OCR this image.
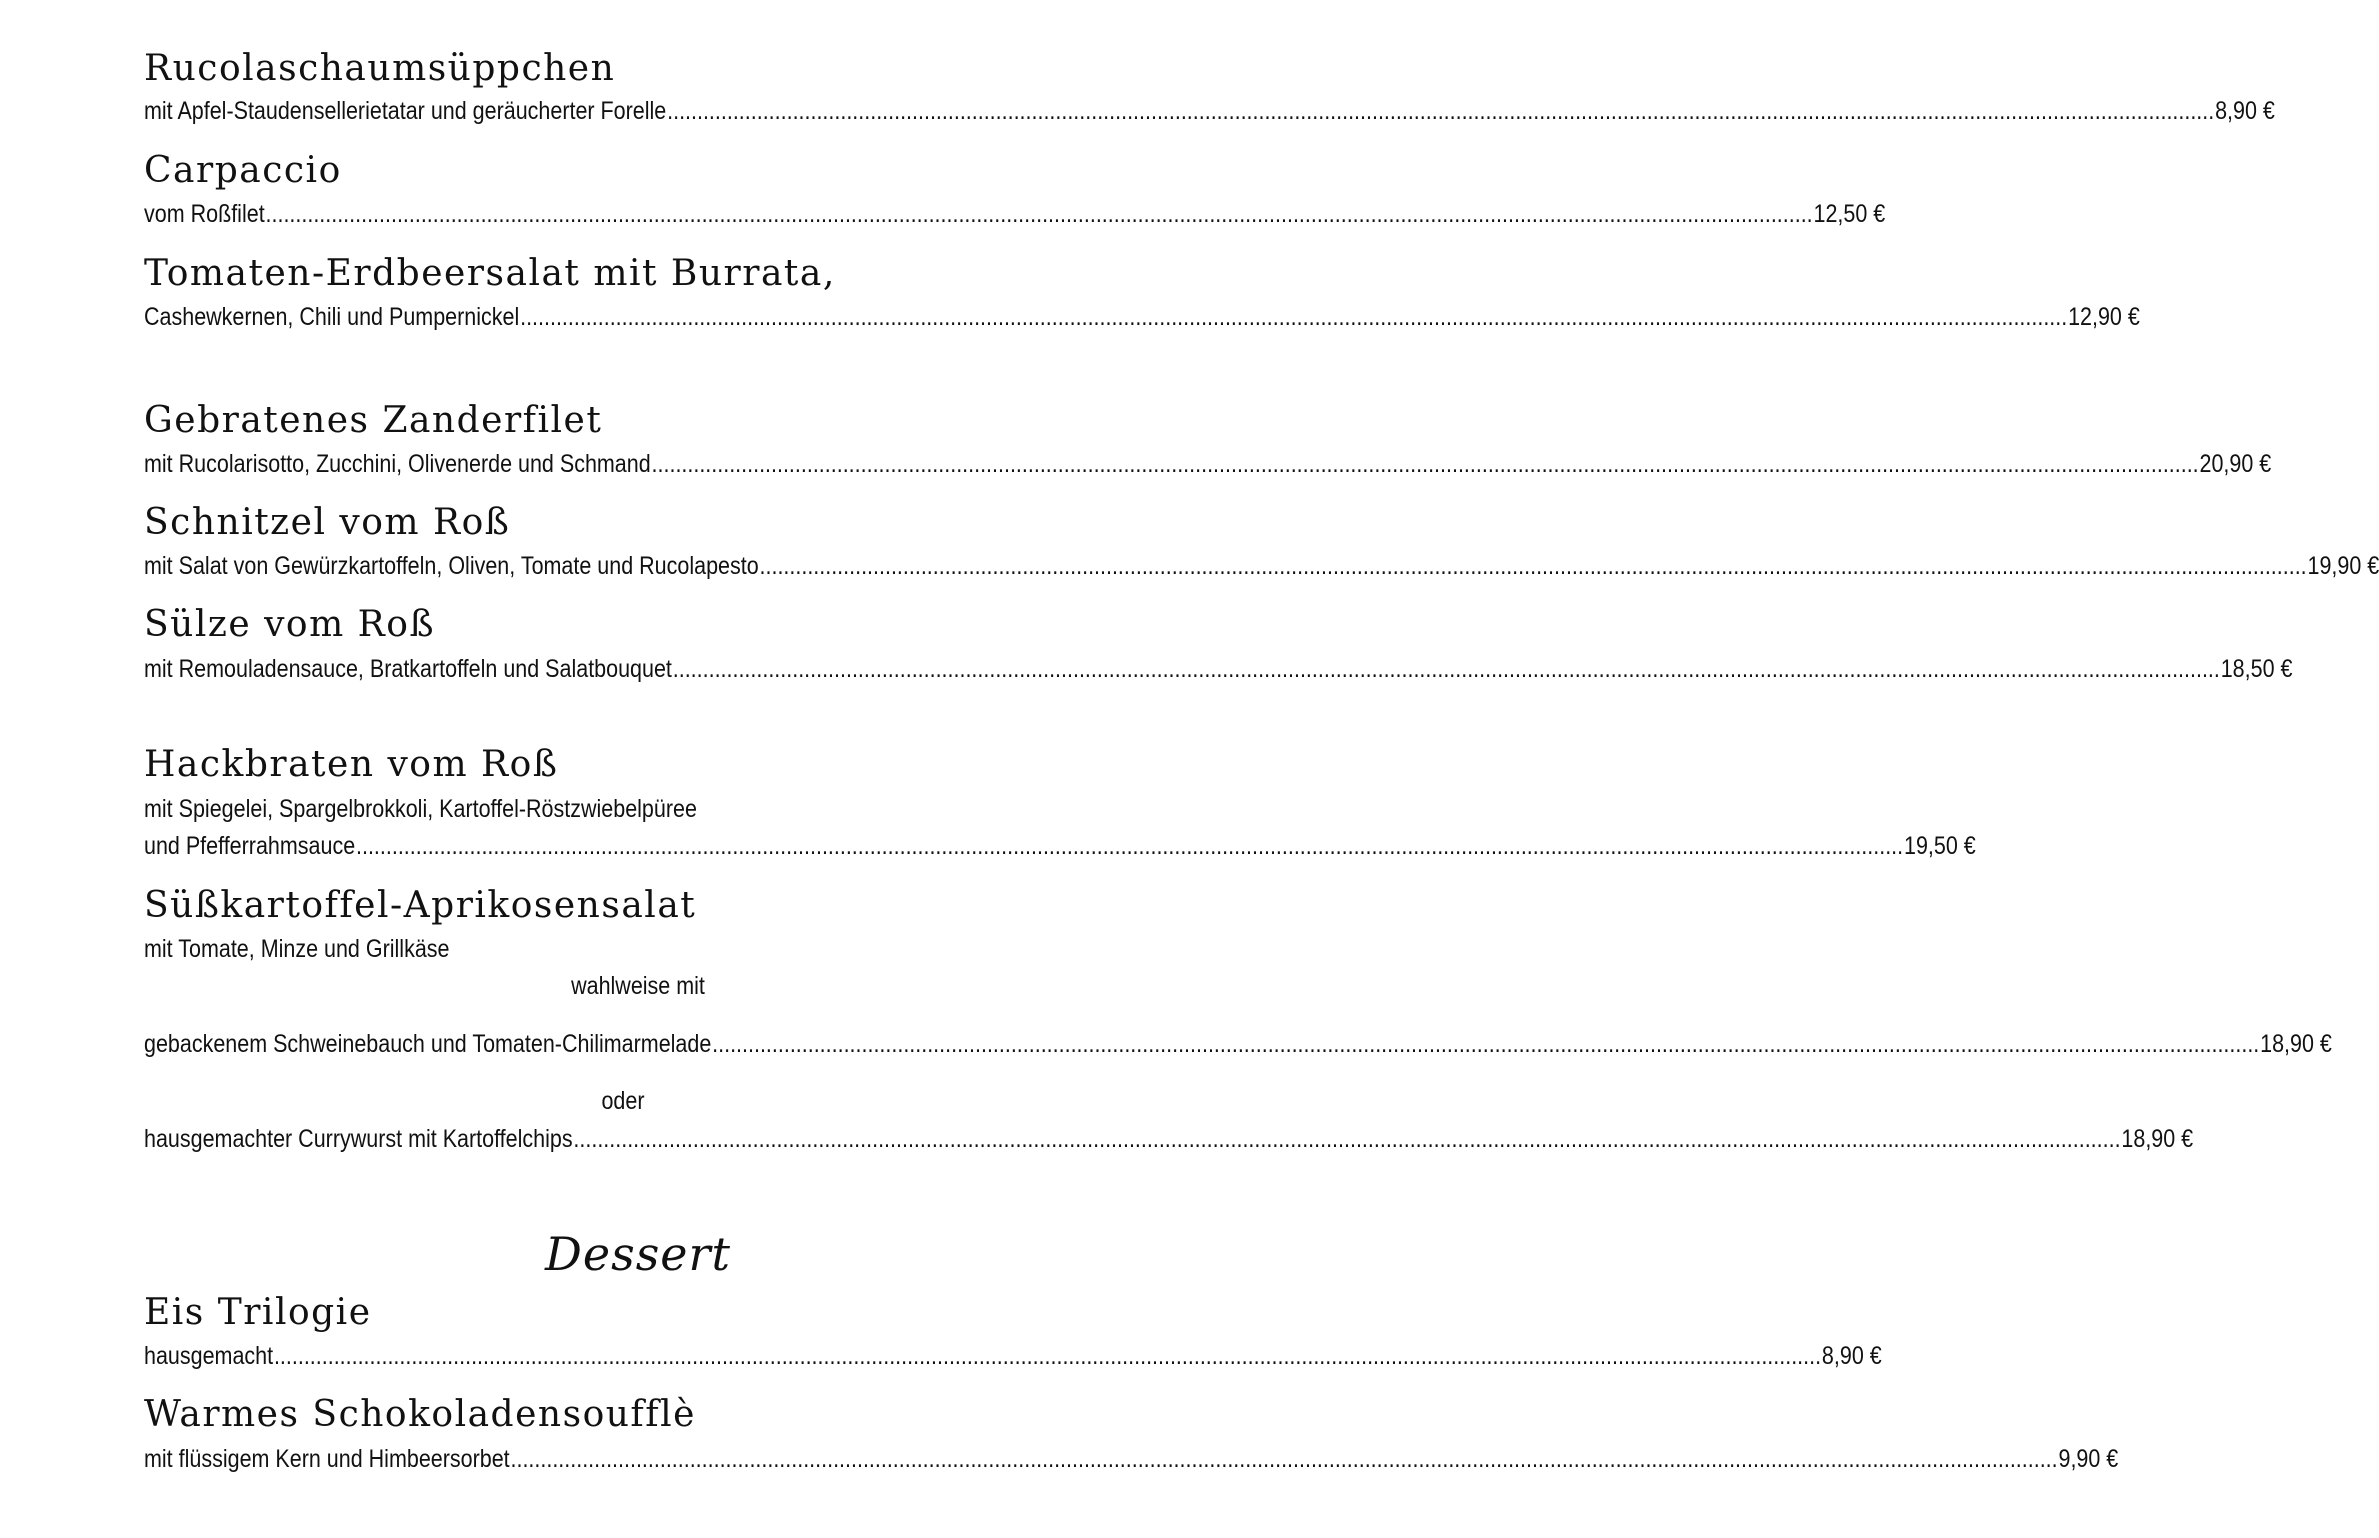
Rucolaschaumsüppchen
mit Apfel-Staudensellerietatar und geräucherter Forelle ................................................................................................................................................................................................................................................................... 8,90 €
Carpaccio
vom Roßfilet ................................................................................................................................................................................................................................................................... 12,50 €
Tomaten-Erdbeersalat mit Burrata,
Cashewkernen, Chili und Pumpernickel ................................................................................................................................................................................................................................................................... 12,90 €
Gebratenes Zanderfilet
mit Rucolarisotto, Zucchini, Olivenerde und Schmand ................................................................................................................................................................................................................................................................... 20,90 €
Schnitzel vom Roß
mit Salat von Gewürzkartoffeln, Oliven, Tomate und Rucolapesto ................................................................................................................................................................................................................................................................... 19,90 €
Sülze vom Roß
mit Remouladensauce, Bratkartoffeln und Salatbouquet ................................................................................................................................................................................................................................................................... 18,50 €
Hackbraten vom Roß
mit Spiegelei, Spargelbrokkoli, Kartoffel-Röstzwiebelpüree
und Pfefferrahmsauce ................................................................................................................................................................................................................................................................... 19,50 €
Süßkartoffel-Aprikosensalat
mit Tomate, Minze und Grillkäse
wahlweise mit
gebackenem Schweinebauch und Tomaten-Chilimarmelade ................................................................................................................................................................................................................................................................... 18,90 €
oder
hausgemachter Currywurst mit Kartoffelchips ................................................................................................................................................................................................................................................................... 18,90 €
Dessert
Eis Trilogie
hausgemacht ................................................................................................................................................................................................................................................................... 8,90 €
Warmes Schokoladensoufflè
mit flüssigem Kern und Himbeersorbet ................................................................................................................................................................................................................................................................... 9,90 €
